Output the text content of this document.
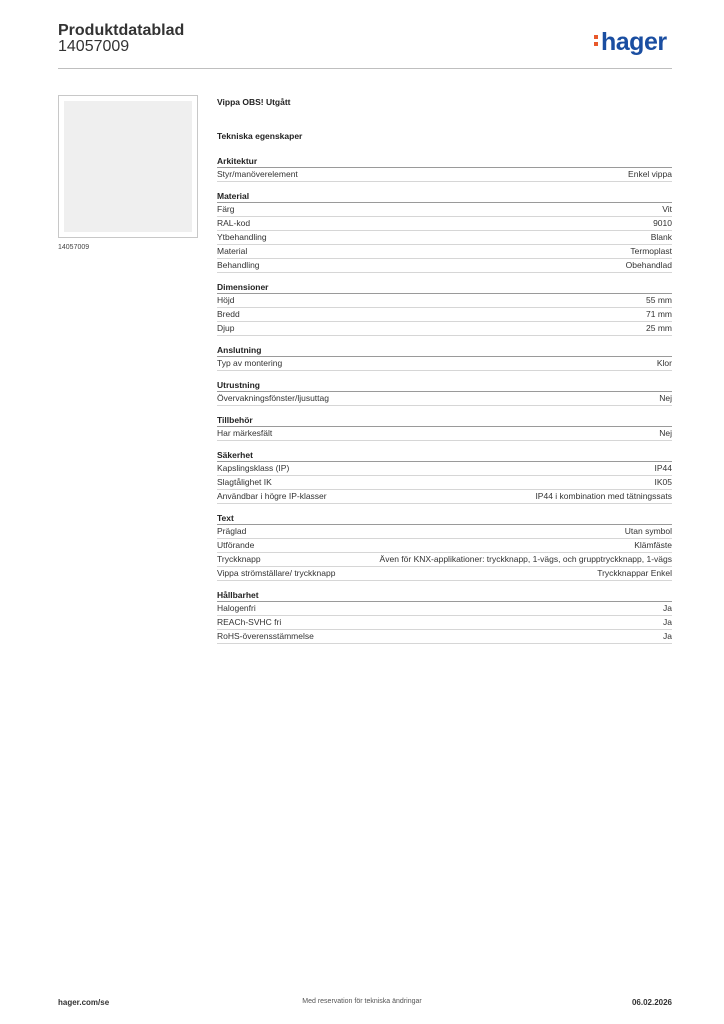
Produktdatablad
14057009	hager
14057009
Vippa OBS! Utgått
Tekniska egenskaper
Arkitektur
Styr/manöverelement	Enkel vippa
Material
Färg	Vit
RAL-kod	9010
Ytbehandling	Blank
Material	Termoplast
Behandling	Obehandlad
Dimensioner
Höjd	55 mm
Bredd	71 mm
Djup	25 mm
Anslutning
Typ av montering	Klor
Utrustning
Övervakningsfönster/ljusuttag	Nej
Tillbehör
Har märkesfält	Nej
Säkerhet
Kapslingsklass (IP)	IP44
Slagtålighet IK	IK05
Användbar i högre IP-klasser	IP44 i kombination med tätningssats
Text
Präglad	Utan symbol
Utförande	Klämfäste
Tryckknapp	Även för KNX-applikationer: tryckknapp, 1-vägs, och grupptryckknapp, 1-vägs
Vippa strömställare/ tryckknapp	Tryckknappar Enkel
Hållbarhet
Halogenfri	Ja
REACh-SVHC fri	Ja
RoHS-överensstämmelse	Ja
hager.com/se	Med reservation för tekniska ändringar	06.02.2026
